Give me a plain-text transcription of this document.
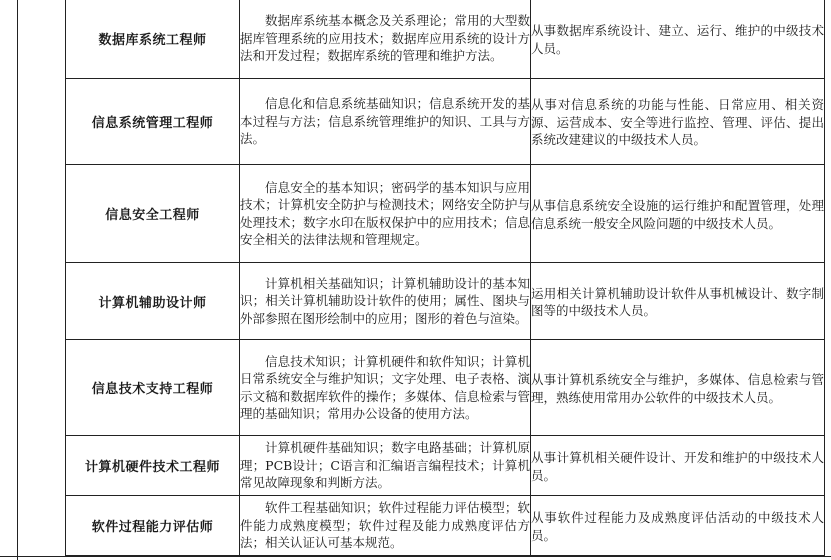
数据库系统工程师	数据库系统基本概念及关系理论；常用的大型数据库管理系统的应用技术；数据库应用系统的设计方法和开发过程；数据库系统的管理和维护方法。	从事数据库系统设计、建立、运行、维护的中级技术人员。

信息系统管理工程师	信息化和信息系统基础知识；信息系统开发的基本过程与方法；信息系统管理维护的知识、工具与方法。	从事对信息系统的功能与性能、日常应用、相关资源、运营成本、安全等进行监控、管理、评估、提出系统改建建议的中级技术人员。

信息安全工程师	信息安全的基本知识；密码学的基本知识与应用技术；计算机安全防护与检测技术；网络安全防护与处理技术；数字水印在版权保护中的应用技术；信息安全相关的法律法规和管理规定。	从事信息系统安全设施的运行维护和配置管理，处理信息系统一般安全风险问题的中级技术人员。

计算机辅助设计师	计算机相关基础知识；计算机辅助设计的基本知识；相关计算机辅助设计软件的使用；属性、图块与外部参照在图形绘制中的应用；图形的着色与渲染。	运用相关计算机辅助设计软件从事机械设计、数字制图等的中级技术人员。

信息技术支持工程师	信息技术知识；计算机硬件和软件知识；计算机日常系统安全与维护知识；文字处理、电子表格、演示文稿和数据库软件的操作；多媒体、信息检索与管理的基础知识；常用办公设备的使用方法。	从事计算机系统安全与维护，多媒体、信息检索与管理，熟练使用常用办公软件的中级技术人员。

计算机硬件技术工程师	计算机硬件基础知识；数字电路基础；计算机原理；PCB设计；C语言和汇编语言编程技术；计算机常见故障现象和判断方法。	从事计算机相关硬件设计、开发和维护的中级技术人员。

软件过程能力评估师	软件工程基础知识；软件过程能力评估模型；软件能力成熟度模型；软件过程及能力成熟度评估方法；相关认证认可基本规范。	从事软件过程能力及成熟度评估活动的中级技术人员。
